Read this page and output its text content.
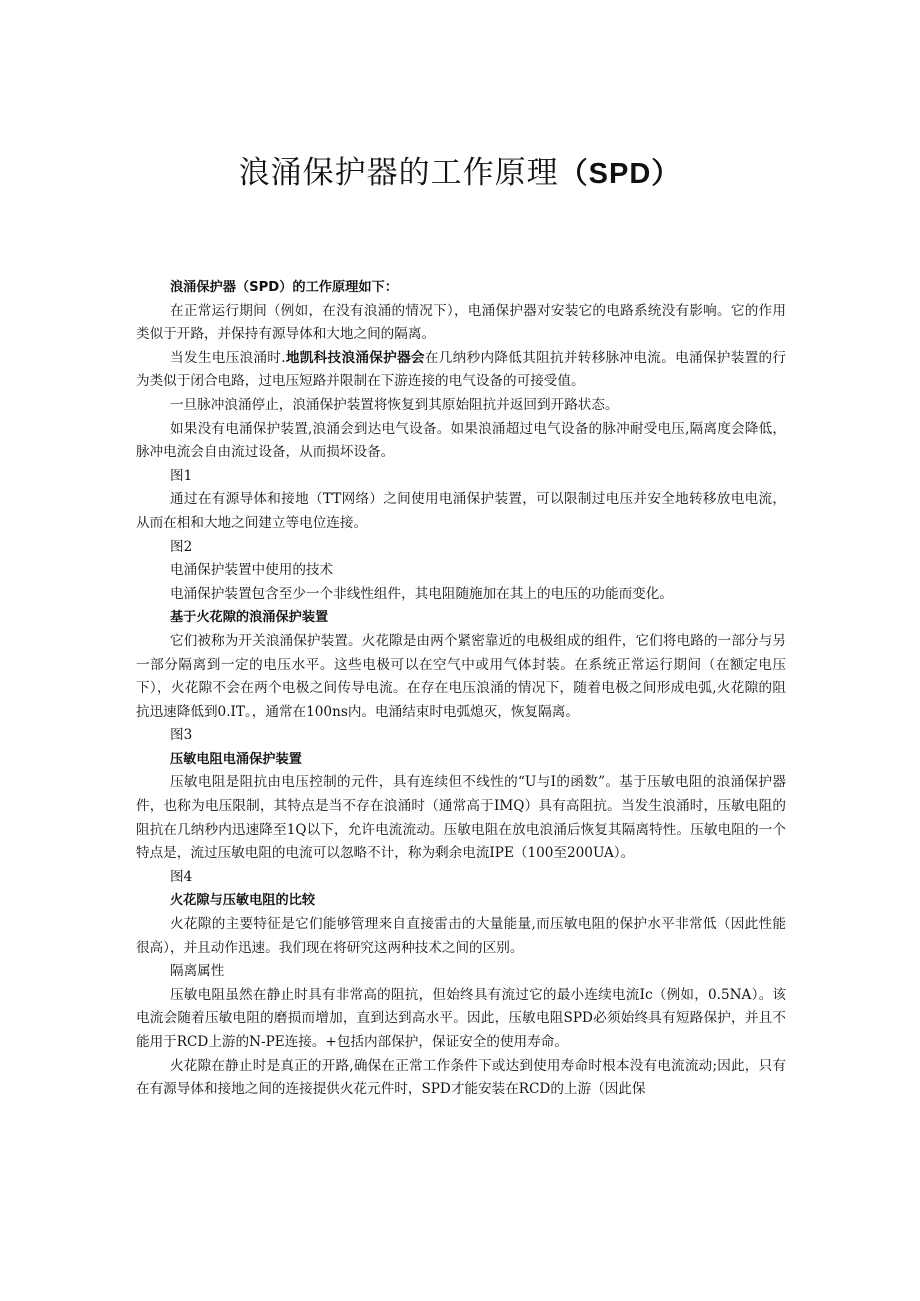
浪涌保护器的工作原理（SPD）

浪涌保护器（SPD）的工作原理如下：

在正常运行期间（例如，在没有浪涌的情况下），电涌保护器对安装它的电路系统没有影响。它的作用类似于开路，并保持有源导体和大地之间的隔离。

当发生电压浪涌时.地凯科技浪涌保护器会在几纳秒内降低其阻抗并转移脉冲电流。电涌保护装置的行为类似于闭合电路，过电压短路并限制在下游连接的电气设备的可接受值。

一旦脉冲浪涌停止，浪涌保护装置将恢复到其原始阻抗并返回到开路状态。

如果没有电涌保护装置,浪涌会到达电气设备。如果浪涌超过电气设备的脉冲耐受电压,隔离度会降低，脉冲电流会自由流过设备，从而损坏设备。

图1

通过在有源导体和接地（TT网络）之间使用电涌保护装置，可以限制过电压并安全地转移放电电流，从而在相和大地之间建立等电位连接。

图2

电涌保护装置中使用的技术

电涌保护装置包含至少一个非线性组件，其电阻随施加在其上的电压的功能而变化。

基于火花隙的浪涌保护装置

它们被称为开关浪涌保护装置。火花隙是由两个紧密靠近的电极组成的组件，它们将电路的一部分与另一部分隔离到一定的电压水平。这些电极可以在空气中或用气体封装。在系统正常运行期间（在额定电压下），火花隙不会在两个电极之间传导电流。在存在电压浪涌的情况下，随着电极之间形成电弧,火花隙的阻抗迅速降低到0.IT。，通常在100ns内。电涌结束时电弧熄灭，恢复隔离。

图3

压敏电阻电涌保护装置

压敏电阻是阻抗由电压控制的元件，具有连续但不线性的“U与I的函数”。基于压敏电阻的浪涌保护器件，也称为电压限制，其特点是当不存在浪涌时（通常高于IMQ）具有高阻抗。当发生浪涌时，压敏电阻的阻抗在几纳秒内迅速降至1Q以下，允许电流流动。压敏电阻在放电浪涌后恢复其隔离特性。压敏电阻的一个特点是，流过压敏电阻的电流可以忽略不计，称为剩余电流IPE（100至200UA）。

图4

火花隙与压敏电阻的比较

火花隙的主要特征是它们能够管理来自直接雷击的大量能量,而压敏电阻的保护水平非常低（因此性能很高），并且动作迅速。我们现在将研究这两种技术之间的区别。

隔离属性

压敏电阻虽然在静止时具有非常高的阻抗，但始终具有流过它的最小连续电流Ic（例如，0.5NA）。该电流会随着压敏电阻的磨损而增加，直到达到高水平。因此，压敏电阻SPD必须始终具有短路保护，并且不能用于RCD上游的N-PE连接。+包括内部保护，保证安全的使用寿命。

火花隙在静止时是真正的开路,确保在正常工作条件下或达到使用寿命时根本没有电流流动;因此，只有在有源导体和接地之间的连接提供火花元件时，SPD才能安装在RCD的上游（因此保
